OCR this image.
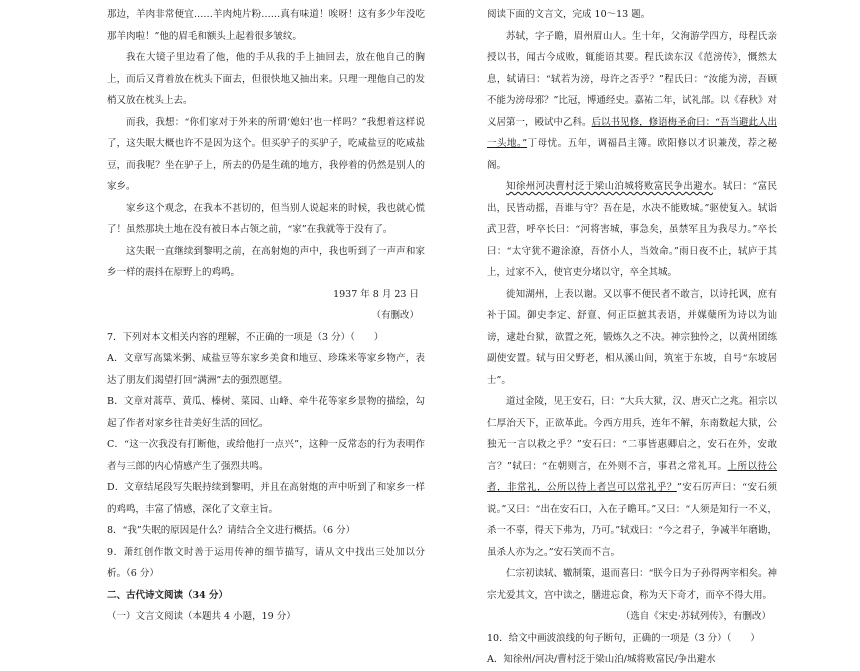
那边，羊肉非常便宜……羊肉炖片粉……真有味道！唉呀！这有多少年没吃那羊肉啦！”他的眉毛和额头上起着很多皱纹。

我在大镜子里边看了他，他的手从我的手上抽回去，放在他自己的胸上，而后又背着放在枕头下面去，但很快地又抽出来。只理一理他自己的发梢又放在枕头上去。

而我，我想：“你们家对于外来的所谓‘媳妇’也一样吗？”我想着这样说了，这失眠大概也许不是因为这个。但买驴子的买驴子，吃咸盐豆的吃咸盐豆，而我呢？坐在驴子上，所去的仍是生疏的地方，我停着的仍然是别人的家乡。

家乡这个观念，在我本不甚切的，但当别人说起来的时候，我也就心慌了！虽然那块土地在没有被日本占领之前，“家”在我就等于没有了。

这失眠一直继续到黎明之前，在高射炮的声中，我也听到了一声声和家乡一样的震抖在原野上的鸡鸣。

1937 年 8 月 23 日

（有删改）

7．下列对本文相关内容的理解，不正确的一项是（3 分）（　　）

A．文章写高粱米粥、咸盐豆等东家乡美食和地豆、珍珠米等家乡物产，表达了朋友们渴望打回“满洲”去的强烈愿望。

B．文章对蒿草、黄瓜、榛树、菜园、山峰、牵牛花等家乡景物的描绘，勾起了作者对家乡往昔美好生活的回忆。

C．“这一次我没有打断他，或给他打一点兴”，这种一反常态的行为表明作者与三郎的内心情感产生了强烈共鸣。

D．文章结尾段写失眠持续到黎明，并且在高射炮的声中听到了和家乡一样的鸡鸣，丰富了情感，深化了文章主旨。

8．“我”失眠的原因是什么？请结合全文进行概括。（6 分）

9．萧红创作散文时善于运用传神的细节描写，请从文中找出三处加以分析。（6 分）

二、古代诗文阅读（34 分）

（一）文言文阅读（本题共 4 小题，19 分）

阅读下面的文言文，完成 10～13 题。

苏轼，字子瞻，眉州眉山人。生十年，父洵游学四方，母程氏亲授以书，闻古今成败，辄能语其要。程氏读东汉《范滂传》，慨然太息，轼请曰：“轼若为滂，母许之否乎？”程氏曰：“汝能为滂，吾顾不能为滂母邪？”比冠，博通经史。嘉祐二年，试礼部。以《春秋》对义居第一，殿试中乙科。后以书见修，修语梅圣俞曰：“吾当避此人出一头地。”丁母忧。五年，调福昌主簿。欧阳修以才识兼茂，荐之秘阁。

知徐州河决曹村泛于梁山泊城将败富民争出避水。轼曰：“富民出，民皆动摇，吾谁与守？吾在是，水决不能败城。”驱使复入。轼诣武卫营，呼卒长曰：“河将害城，事急矣，虽禁军且为我尽力。”卒长曰：“太守犹不避涂潦，吾侪小人，当效命。”雨日夜不止，轼庐于其上，过家不入，使官吏分堵以守，卒全其城。

徙知湖州，上表以谢。又以事不便民者不敢言，以诗托讽，庶有补于国。御史李定、舒亶、何正臣摭其表语，并媒蘖所为诗以为讪谤，逮赴台狱，欲置之死，锻炼久之不决。神宗独怜之，以黄州团练副使安置。轼与田父野老，相从溪山间，筑室于东坡，自号“东坡居士”。

道过金陵，见王安石，曰：“大兵大狱，汉、唐灭亡之兆。祖宗以仁厚治天下，正欲革此。今西方用兵，连年不解，东南数起大狱，公独无一言以救之乎？”安石曰：“二事皆惠卿启之，安石在外，安敢言？”轼曰：“在朝则言，在外则不言，事君之常礼耳。上所以待公者，非常礼，公所以待上者岂可以常礼乎？”安石厉声曰：“安石须说。”又曰：“出在安石口，入在子瞻耳。”又曰：“人须是知行一不义，杀一不辜，得天下弗为，乃可。”轼戏曰：“今之君子，争减半年磨勘，虽杀人亦为之。”安石笑而不言。

仁宗初读轼、辙制策，退而喜曰：“朕今日为子孙得两宰相矣。神宗尤爱其文，宫中读之，膳进忘食，称为天下奇才，而卒不得大用。

（选自《宋史·苏轼列传》，有删改）

10．给文中画波浪线的句子断句，正确的一项是（3 分）（　　）

A．知徐州/河决/曹村泛于梁山泊/城将败富民/争出避水
